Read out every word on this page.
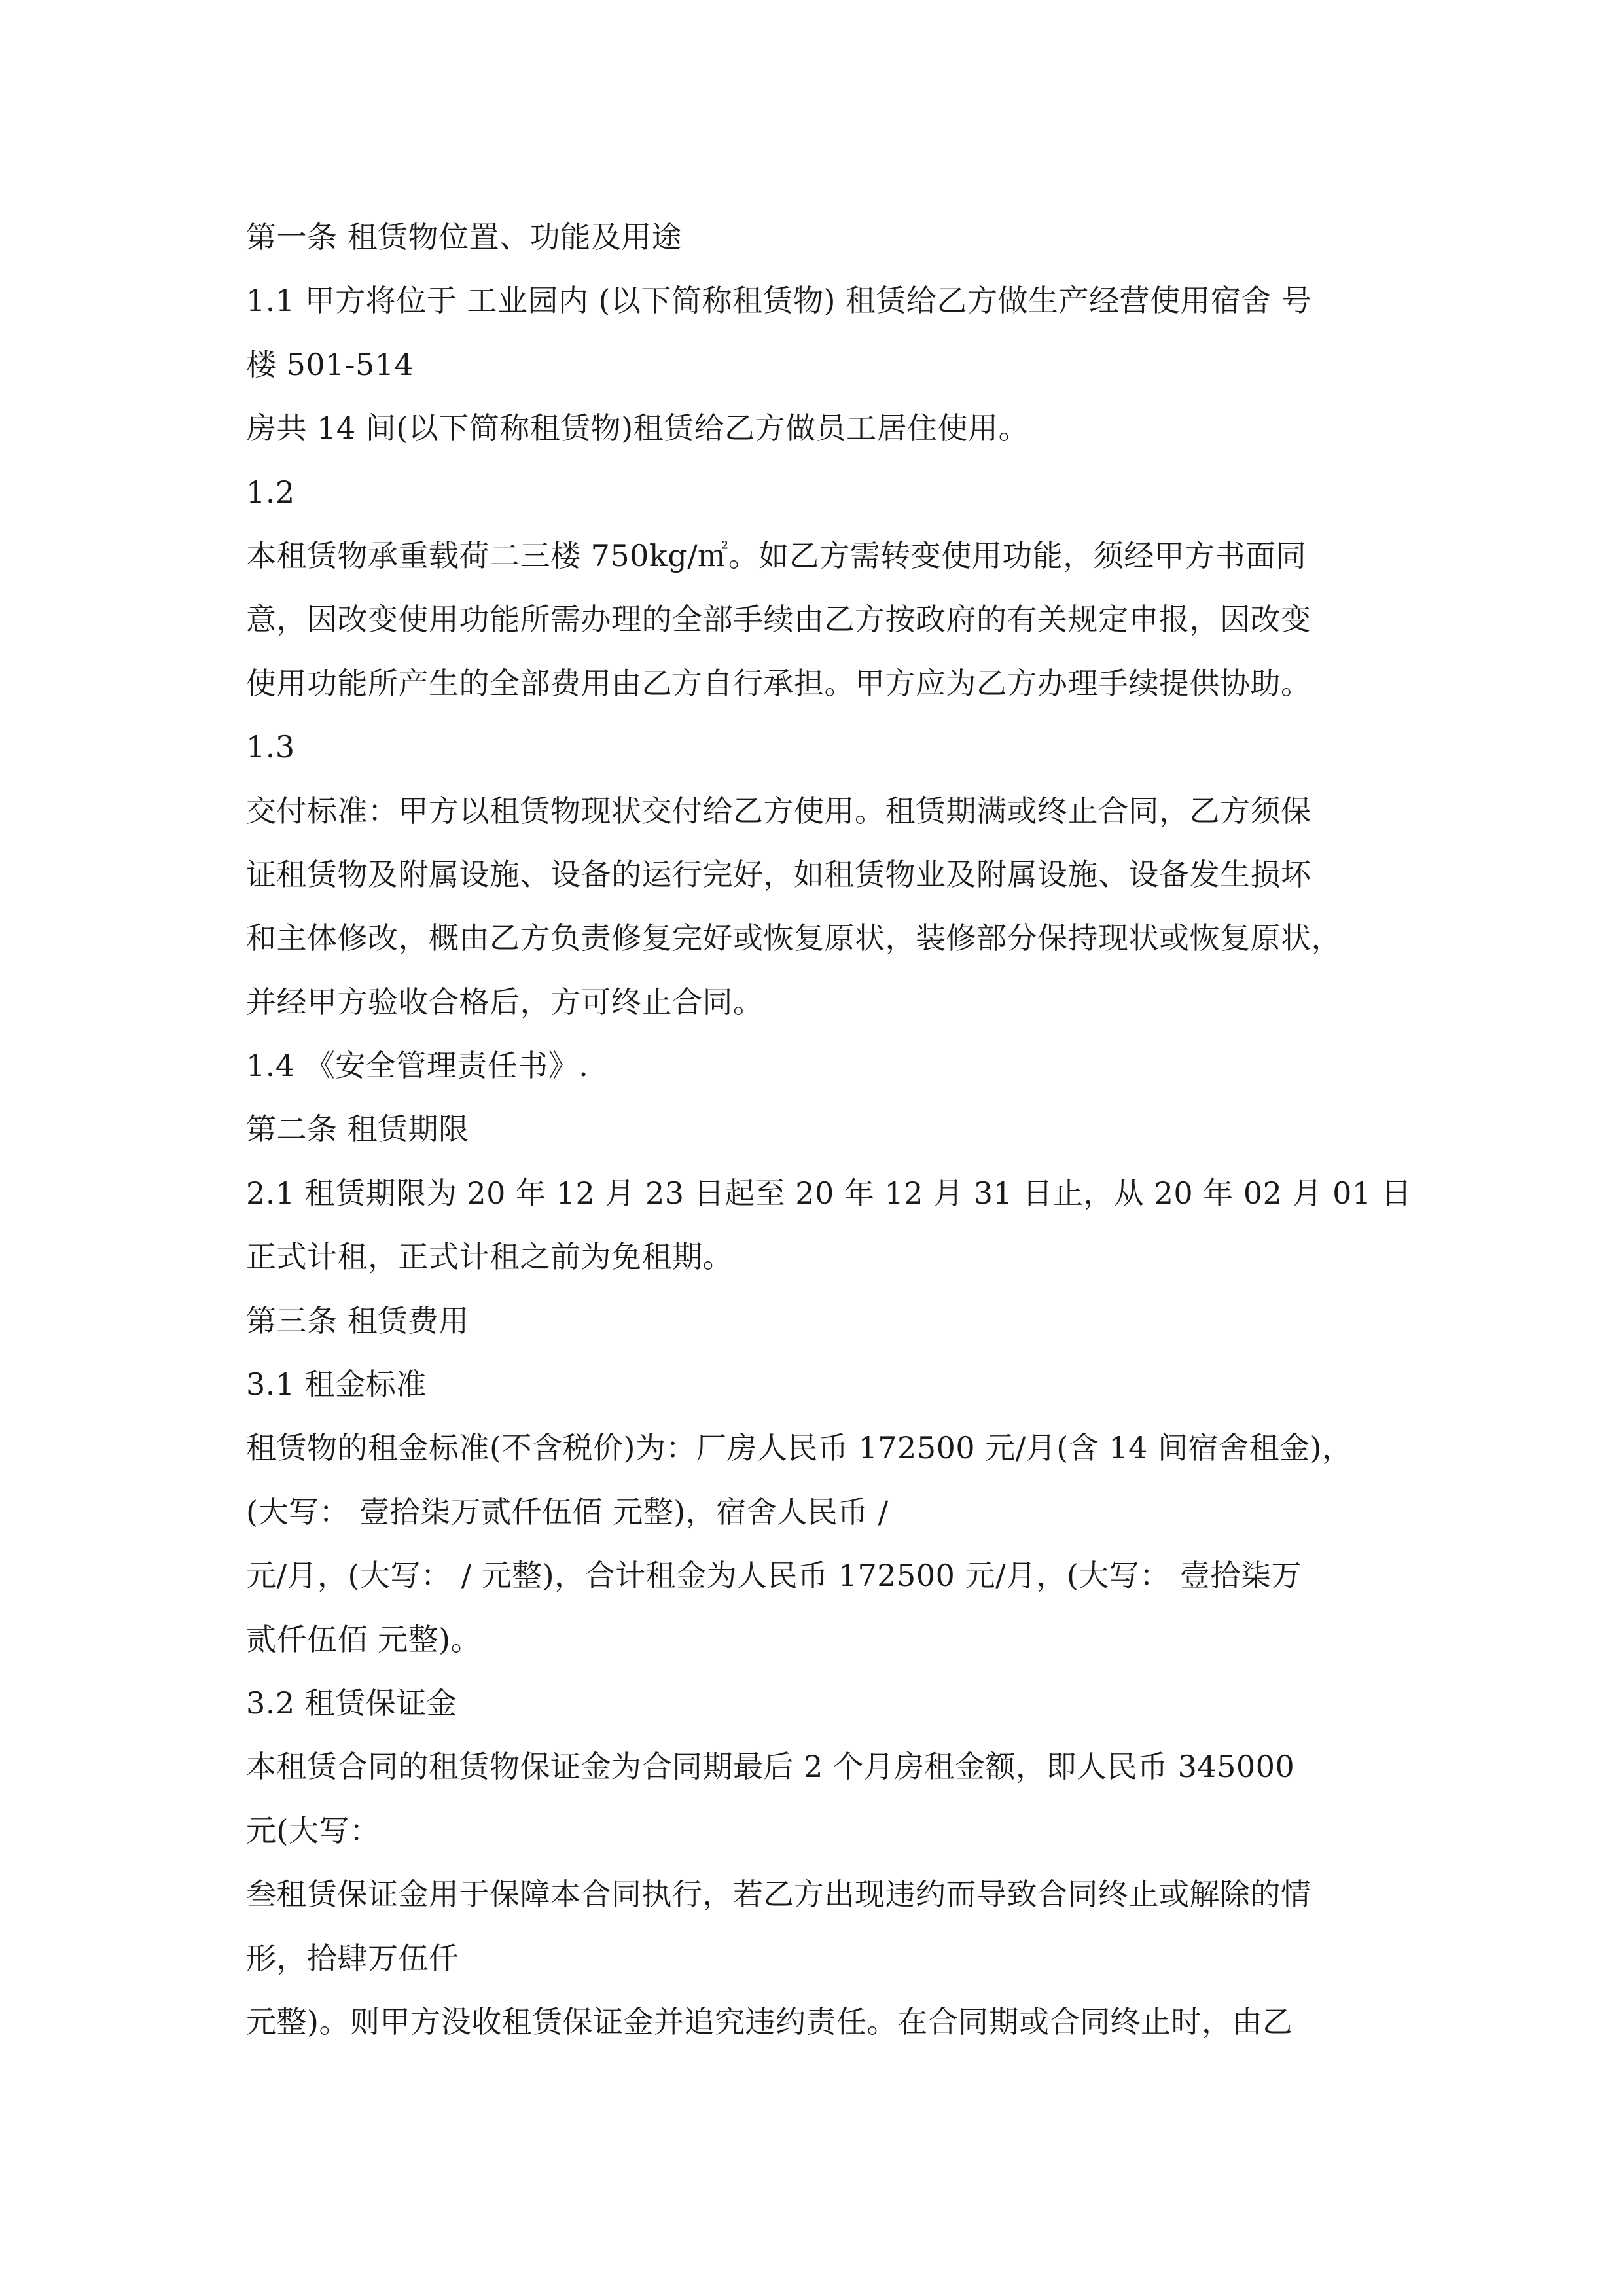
第一条 租赁物位置、功能及用途

1.1 甲方将位于 工业园内 (以下简称租赁物) 租赁给乙方做生产经营使用宿舍 号

楼 501-514

房共 14 间(以下简称租赁物)租赁给乙方做员工居住使用。

1.2

本租赁物承重载荷二三楼 750kg/㎡。如乙方需转变使用功能，须经甲方书面同

意，因改变使用功能所需办理的全部手续由乙方按政府的有关规定申报，因改变

使用功能所产生的全部费用由乙方自行承担。甲方应为乙方办理手续提供协助。

1.3

交付标准：甲方以租赁物现状交付给乙方使用。租赁期满或终止合同，乙方须保

证租赁物及附属设施、设备的运行完好，如租赁物业及附属设施、设备发生损坏

和主体修改，概由乙方负责修复完好或恢复原状，装修部分保持现状或恢复原状，

并经甲方验收合格后，方可终止合同。

1.4 《安全管理责任书》.

第二条 租赁期限

2.1 租赁期限为 20 年 12 月 23 日起至 20 年 12 月 31 日止，从 20 年 02 月 01 日

正式计租，正式计租之前为免租期。

第三条 租赁费用

3.1 租金标准

租赁物的租金标准(不含税价)为：厂房人民币 172500 元/月(含 14 间宿舍租金)，

(大写： 壹拾柒万贰仟伍佰 元整)，宿舍人民币 /

元/月，(大写： / 元整)，合计租金为人民币 172500 元/月，(大写： 壹拾柒万

贰仟伍佰 元整)。

3.2 租赁保证金

本租赁合同的租赁物保证金为合同期最后 2 个月房租金额，即人民币 345000

元(大写：

叁租赁保证金用于保障本合同执行，若乙方出现违约而导致合同终止或解除的情

形，拾肆万伍仟

元整)。则甲方没收租赁保证金并追究违约责任。在合同期或合同终止时，由乙
